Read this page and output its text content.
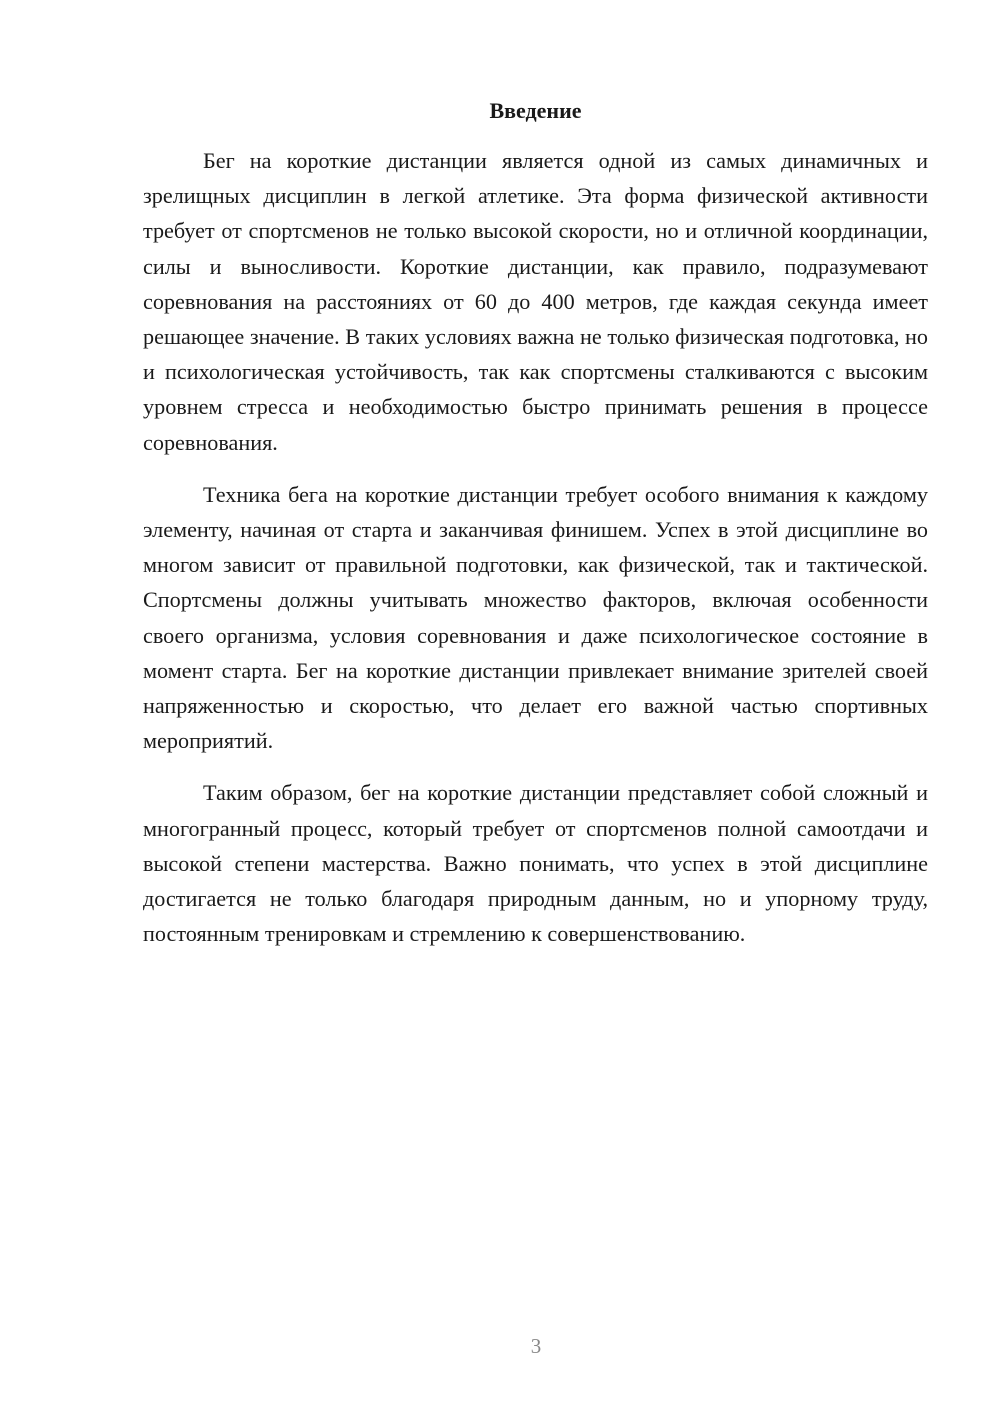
Введение

Бег на короткие дистанции является одной из самых динамичных и зрелищных дисциплин в легкой атлетике. Эта форма физической активности требует от спортсменов не только высокой скорости, но и отличной координации, силы и выносливости. Короткие дистанции, как правило, подразумевают соревнования на расстояниях от 60 до 400 метров, где каждая секунда имеет решающее значение. В таких условиях важна не только физическая подготовка, но и психологическая устойчивость, так как спортсмены сталкиваются с высоким уровнем стресса и необходимостью быстро принимать решения в процессе соревнования.

Техника бега на короткие дистанции требует особого внимания к каждому элементу, начиная от старта и заканчивая финишем. Успех в этой дисциплине во многом зависит от правильной подготовки, как физической, так и тактической. Спортсмены должны учитывать множество факторов, включая особенности своего организма, условия соревнования и даже психологическое состояние в момент старта. Бег на короткие дистанции привлекает внимание зрителей своей напряженностью и скоростью, что делает его важной частью спортивных мероприятий.

Таким образом, бег на короткие дистанции представляет собой сложный и многогранный процесс, который требует от спортсменов полной самоотдачи и высокой степени мастерства. Важно понимать, что успех в этой дисциплине достигается не только благодаря природным данным, но и упорному труду, постоянным тренировкам и стремлению к совершенствованию.

3
